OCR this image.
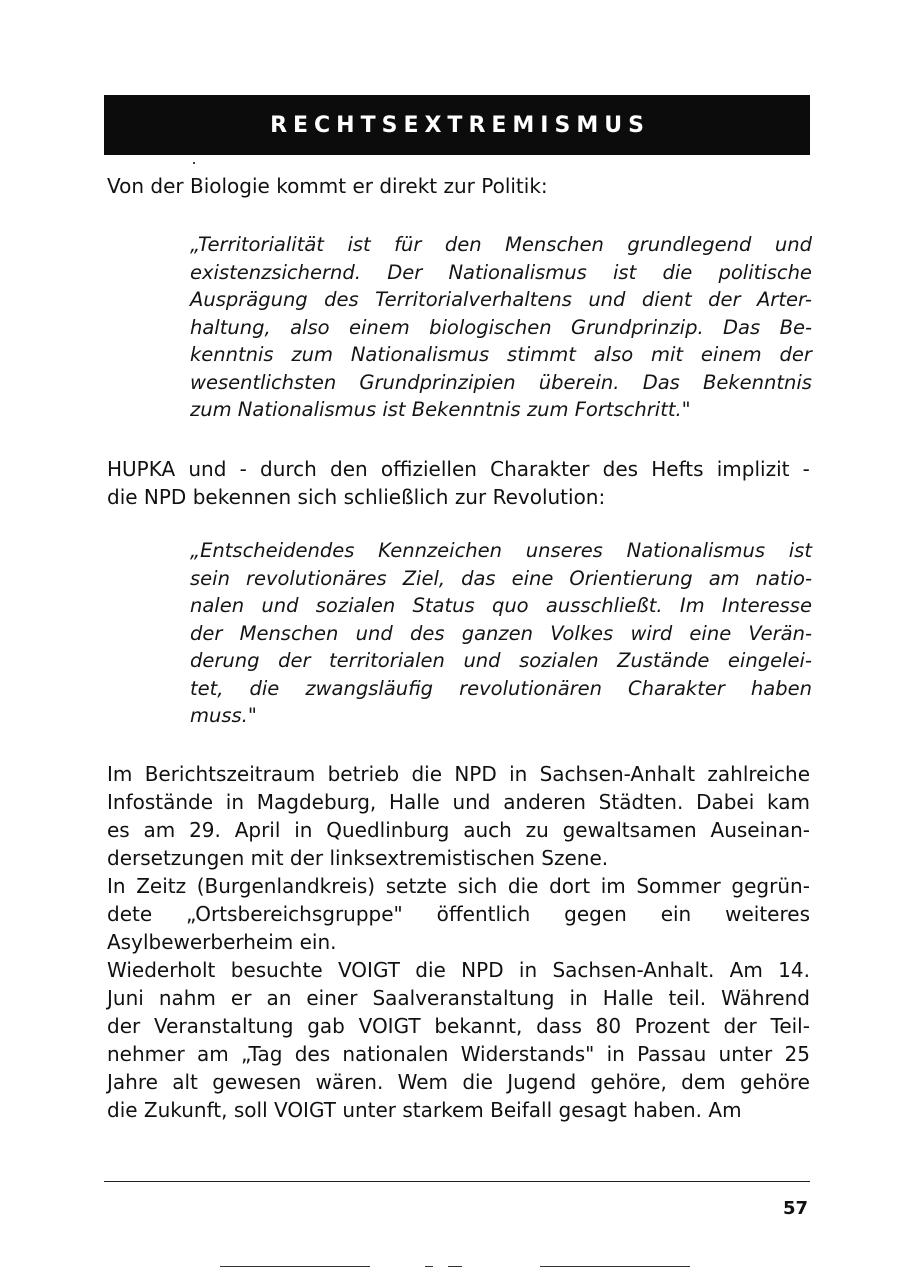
RECHTSEXTREMISMUS
Von der Biologie kommt er direkt zur Politik:
„Territorialität ist für den Menschen grundlegend und
existenzsichernd. Der Nationalismus ist die politische
Ausprägung des Territorialverhaltens und dient der Arter-
haltung, also einem biologischen Grundprinzip. Das Be-
kenntnis zum Nationalismus stimmt also mit einem der
wesentlichsten Grundprinzipien überein. Das Bekenntnis
zum Nationalismus ist Bekenntnis zum Fortschritt."
HUPKA und - durch den offiziellen Charakter des Hefts implizit -
die NPD bekennen sich schließlich zur Revolution:
„Entscheidendes Kennzeichen unseres Nationalismus ist
sein revolutionäres Ziel, das eine Orientierung am natio-
nalen und sozialen Status quo ausschließt. Im Interesse
der Menschen und des ganzen Volkes wird eine Verän-
derung der territorialen und sozialen Zustände eingelei-
tet, die zwangsläufig revolutionären Charakter haben
muss."
Im Berichtszeitraum betrieb die NPD in Sachsen-Anhalt zahlreiche
Infostände in Magdeburg, Halle und anderen Städten. Dabei kam
es am 29. April in Quedlinburg auch zu gewaltsamen Auseinan-
dersetzungen mit der linksextremistischen Szene.
In Zeitz (Burgenlandkreis) setzte sich die dort im Sommer gegrün-
dete „Ortsbereichsgruppe" öffentlich gegen ein weiteres
Asylbewerberheim ein.
Wiederholt besuchte VOIGT die NPD in Sachsen-Anhalt. Am 14.
Juni nahm er an einer Saalveranstaltung in Halle teil. Während
der Veranstaltung gab VOIGT bekannt, dass 80 Prozent der Teil-
nehmer am „Tag des nationalen Widerstands" in Passau unter 25
Jahre alt gewesen wären. Wem die Jugend gehöre, dem gehöre
die Zukunft, soll VOIGT unter starkem Beifall gesagt haben. Am
57
